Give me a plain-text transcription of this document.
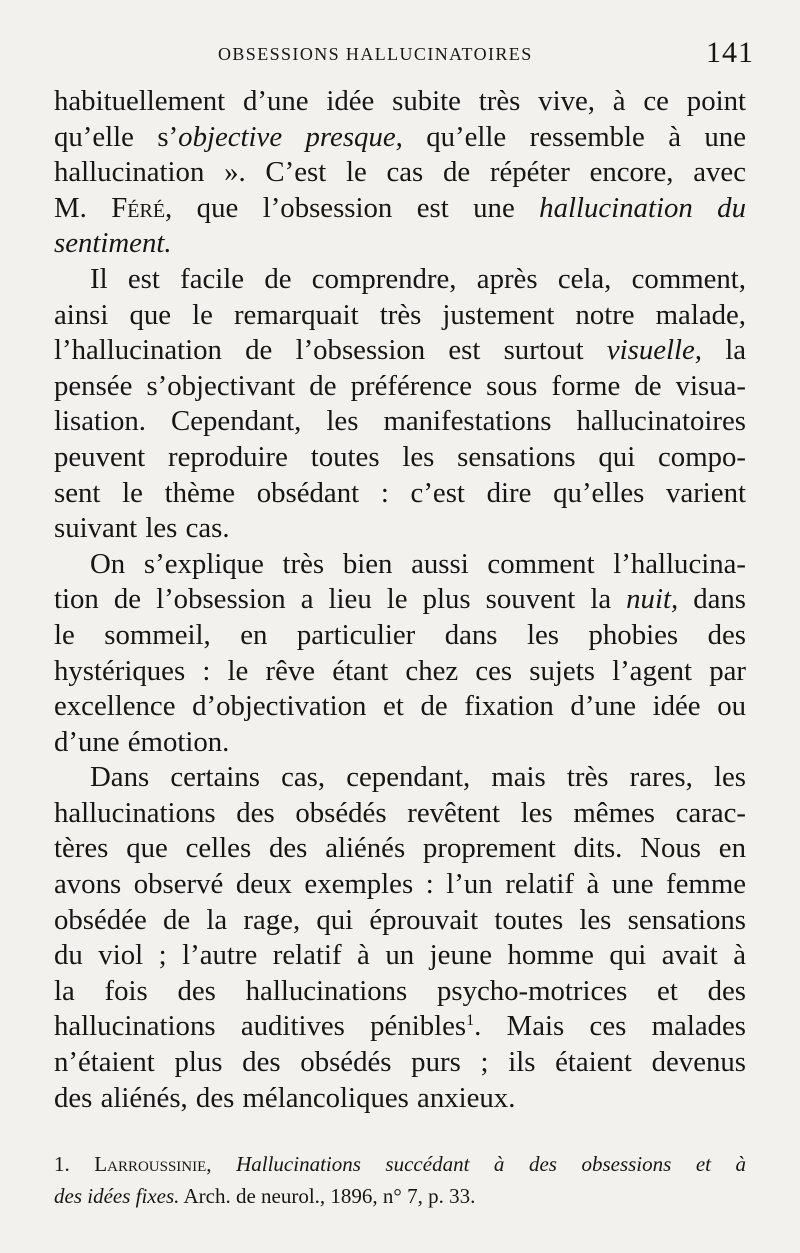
OBSESSIONS HALLUCINATOIRES	141
habituellement d’une idée subite très vive, à ce point
qu’elle s’objective presque, qu’elle ressemble à une
hallucination ». C’est le cas de répéter encore, avec
M. Féré, que l’obsession est une hallucination du
sentiment.
Il est facile de comprendre, après cela, comment,
ainsi que le remarquait très justement notre malade,
l’hallucination de l’obsession est surtout visuelle, la
pensée s’objectivant de préférence sous forme de visua-
lisation. Cependant, les manifestations hallucinatoires
peuvent reproduire toutes les sensations qui compo-
sent le thème obsédant : c’est dire qu’elles varient
suivant les cas.
On s’explique très bien aussi comment l’hallucina-
tion de l’obsession a lieu le plus souvent la nuit, dans
le sommeil, en particulier dans les phobies des
hystériques : le rêve étant chez ces sujets l’agent par
excellence d’objectivation et de fixation d’une idée ou
d’une émotion.
Dans certains cas, cependant, mais très rares, les
hallucinations des obsédés revêtent les mêmes carac-
tères que celles des aliénés proprement dits. Nous en
avons observé deux exemples : l’un relatif à une femme
obsédée de la rage, qui éprouvait toutes les sensations
du viol ; l’autre relatif à un jeune homme qui avait à
la fois des hallucinations psycho-motrices et des
hallucinations auditives pénibles$^1$. Mais ces malades
n’étaient plus des obsédés purs ; ils étaient devenus
des aliénés, des mélancoliques anxieux.
1. Larroussinie, Hallucinations succédant à des obsessions et à
des idées fixes. Arch. de neurol., 1896, n° 7, p. 33.
